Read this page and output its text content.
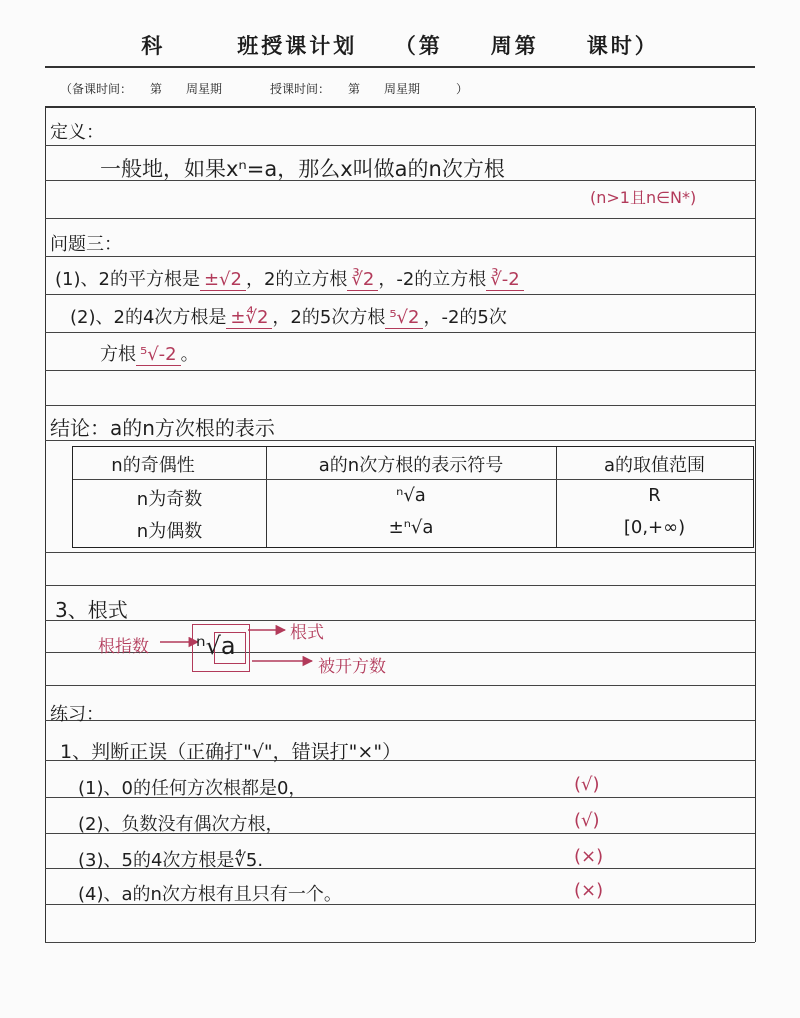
科　　　	班授课计划　　 （第　　 周第　　 课时）
（备课时间：　　第　　周星期　　　　	授课时间：　　第　　周星期　　　）
定义：
一般地，如果xⁿ=a，那么x叫做a的n次方根
(n>1且n∈N*)
问题三：
(1)、2的平方根是 ±√2 ，2的立方根 ∛2 ，-2的立方根 ∛-2
(2)、2的4次方根是 ±∜2 ，2的5次方根 ⁵√2 ，-2的5次
方根 ⁵√-2 。
结论：a的n方次根的表示
n的奇偶性	a的n次方根的表示符号	a的取值范围
n为奇数	ⁿ√a	R
n为偶数	±ⁿ√a	[0,+∞)
3、根式
根指数 ⁿ√a	根式
被开方数
练习：
1、判断正误（正确打"√"，错误打"×"）
(1)、0的任何方次根都是0，	(√)
(2)、负数没有偶次方根，	(√)
(3)、5的4次方根是∜5.	(×)
(4)、a的n次方根有且只有一个。	(×)
